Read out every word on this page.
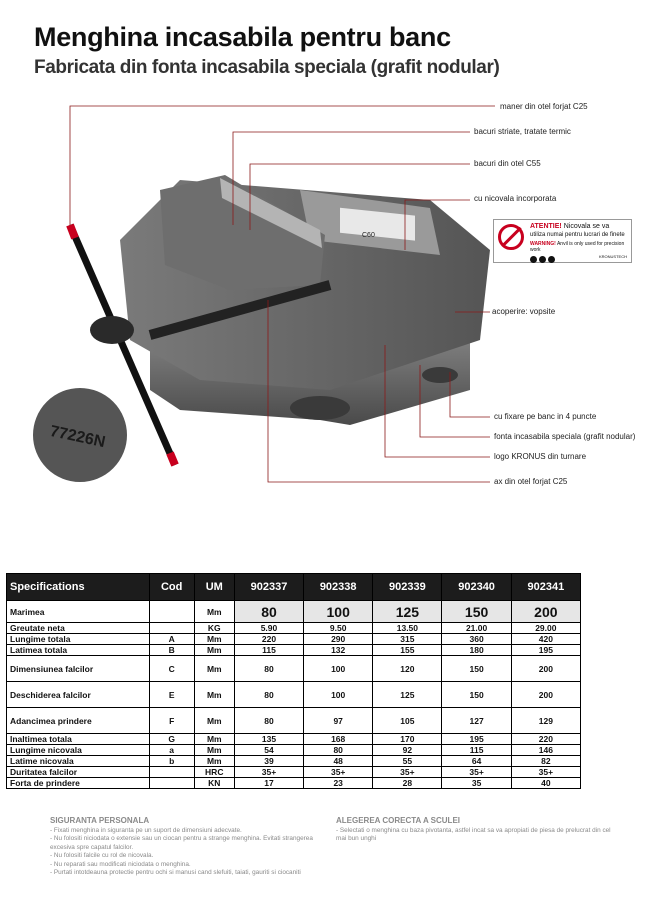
Menghina incasabila pentru banc
Fabricata din fonta incasabila speciala (grafit nodular)
C60
77226N
maner din otel forjat C25
bacuri striate, tratate termic
bacuri din otel C55
cu nicovala incorporata
acoperire: vopsite
cu fixare pe banc in 4 puncte
fonta incasabila speciala (grafit nodular)
logo KRONUS din turnare
ax din otel forjat C25
ATENTIE! Nicovala se va
utiliza numai pentru lucrari de finete
WARNING! Anvil is only used for precision work
KRONUSTECH
Specifications	Cod	UM	902337	902338	902339	902340	902341
Marimea		Mm	80	100	125	150	200
Greutate neta		KG	5.90	9.50	13.50	21.00	29.00
Lungime totala	A	Mm	220	290	315	360	420
Latimea totala	B	Mm	115	132	155	180	195
Dimensiunea falcilor	C	Mm	80	100	120	150	200
Deschiderea falcilor	E	Mm	80	100	125	150	200
Adancimea prindere	F	Mm	80	97	105	127	129
Inaltimea totala	G	Mm	135	168	170	195	220
Lungime nicovala	a	Mm	54	80	92	115	146
Latime nicovala	b	Mm	39	48	55	64	82
Duritatea falcilor		HRC	35+	35+	35+	35+	35+
Forta de prindere		KN	17	23	28	35	40
SIGURANTA PERSONALA
- Fixati menghina in siguranta pe un suport de dimensiuni adecvate.
- Nu folositi niciodata o extensie sau un ciocan pentru a strange menghina. Evitati strangerea excesiva spre capatul falcilor.
- Nu folositi falcile cu rol de nicovala.
- Nu reparati sau modificati niciodata o menghina.
- Purtati intotdeauna protectie pentru ochi si manusi cand slefuiti, taiati, gauriti si ciocaniti
ALEGEREA CORECTA A SCULEI
- Selectati o menghina cu baza pivotanta, astfel incat sa va apropiati de piesa de prelucrat din cel mai bun unghi
